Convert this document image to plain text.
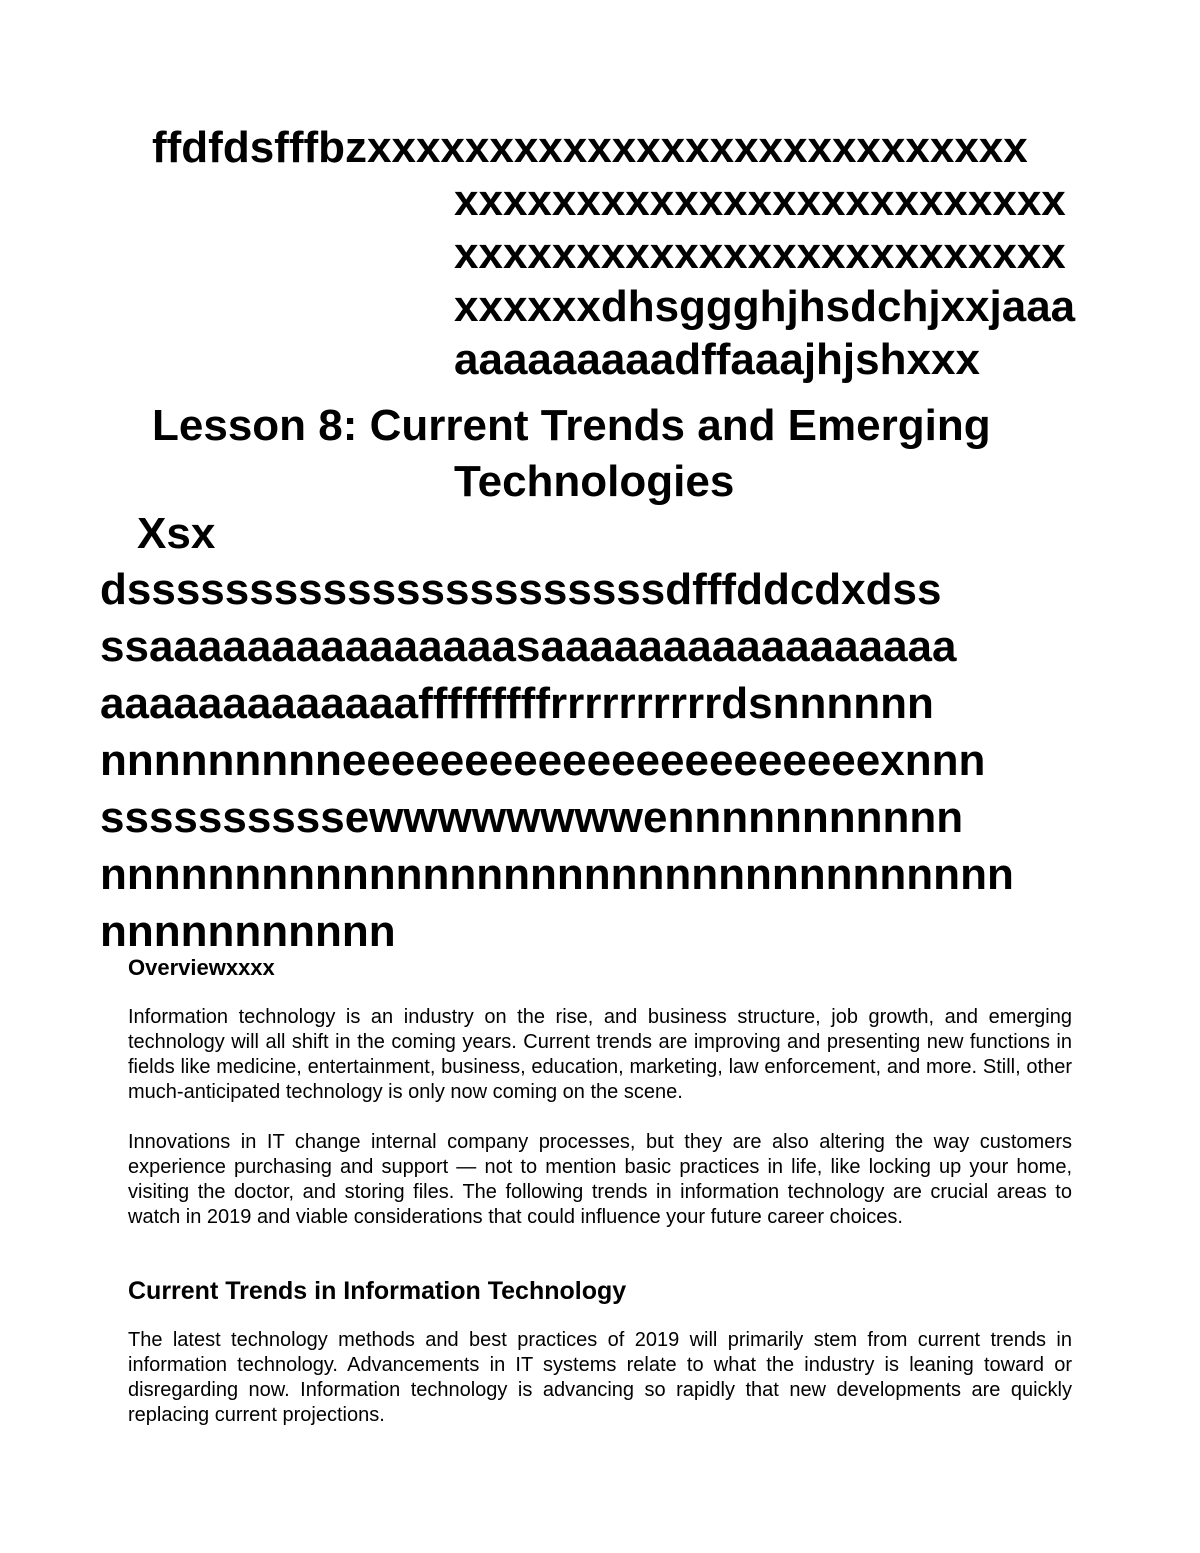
ffdfdsfffbzxxxxxxxxxxxxxxxxxxxxxxxxxxx
xxxxxxxxxxxxxxxxxxxxxxxxx
xxxxxxxxxxxxxxxxxxxxxxxxx
xxxxxxdhsggghjhsdchjxxjaaa
aaaaaaaaadffaaajhjshxxx
Lesson 8: Current Trends and Emerging
Technologies
Xsx
dssssssssssssssssssssssdfffddcdxdss
ssaaaaaaaaaaaaaaasaaaaaaaaaaaaaaaaa
aaaaaaaaaaaaafffffffffrrrrrrrrrrdsnnnnnn
nnnnnnnnneeeeeeeeeeeeeeeeeeeeeexnnn
ssssssssssewwwwwwwwennnnnnnnnnn
nnnnnnnnnnnnnnnnnnnnnnnnnnnnnnnnnn
nnnnnnnnnnn
Overviewxxxx

Information technology is an industry on the rise, and business structure, job growth, and emerging technology will all shift in the coming years. Current trends are improving and presenting new functions in fields like medicine, entertainment, business, education, marketing, law enforcement, and more. Still, other much-anticipated technology is only now coming on the scene.

Innovations in IT change internal company processes, but they are also altering the way customers experience purchasing and support — not to mention basic practices in life, like locking up your home, visiting the doctor, and storing files. The following trends in information technology are crucial areas to watch in 2019 and viable considerations that could influence your future career choices.

Current Trends in Information Technology

The latest technology methods and best practices of 2019 will primarily stem from current trends in information technology. Advancements in IT systems relate to what the industry is leaning toward or disregarding now. Information technology is advancing so rapidly that new developments are quickly replacing current projections.
